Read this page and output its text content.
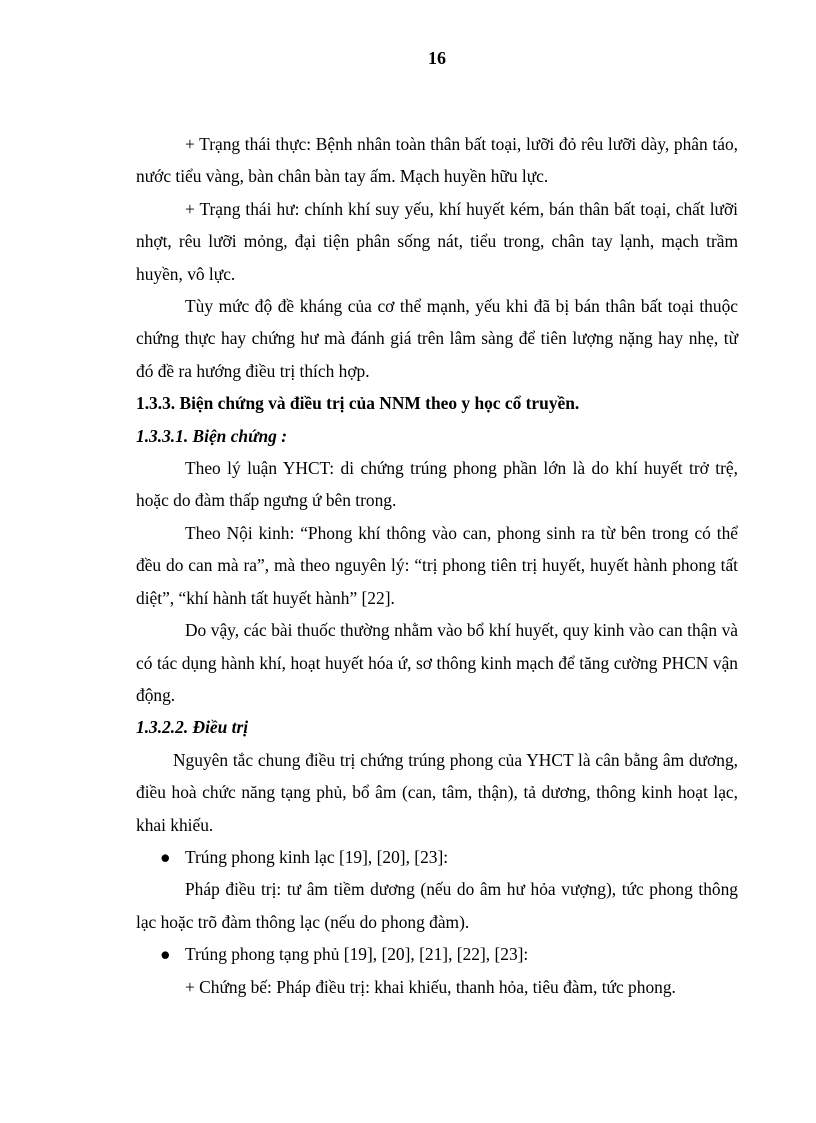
16

+ Trạng thái thực: Bệnh nhân toàn thân bất toại, lưỡi đỏ rêu lưỡi dày, phân táo, nước tiểu vàng, bàn chân bàn tay ấm. Mạch huyền hữu lực.

+ Trạng thái hư: chính khí suy yếu, khí huyết kém, bán thân bất toại, chất lưỡi nhợt, rêu lưỡi mỏng, đại tiện phân sống nát, tiểu trong, chân tay lạnh, mạch trầm huyền, vô lực.

Tùy mức độ đề kháng của cơ thể mạnh, yếu khi đã bị bán thân bất toại thuộc chứng thực hay chứng hư mà đánh giá trên lâm sàng để tiên lượng nặng hay nhẹ, từ đó đề ra hướng điều trị thích hợp.

1.3.3. Biện chứng và điều trị của NNM theo y học cổ truyền.

1.3.3.1. Biện chứng :

Theo lý luận YHCT: di chứng trúng phong phần lớn là do khí huyết trở trệ, hoặc do đàm thấp ngưng ứ bên trong.

Theo Nội kinh: “Phong khí thông vào can, phong sinh ra từ bên trong có thể đều do can mà ra”, mà theo nguyên lý: “trị phong tiên trị huyết, huyết hành phong tất diệt”, “khí hành tất huyết hành” [22].

Do vậy, các bài thuốc thường nhằm vào bổ khí huyết, quy kinh vào can thận và có tác dụng hành khí, hoạt huyết hóa ứ, sơ thông kinh mạch để tăng cường PHCN vận động.

1.3.2.2. Điều trị

Nguyên tắc chung điều trị chứng trúng phong của YHCT là cân bằng âm dương, điều hoà chức năng tạng phủ, bổ âm (can, tâm, thận), tả dương, thông kinh hoạt lạc, khai khiếu.

● Trúng phong kinh lạc [19], [20], [23]:

Pháp điều trị: tư âm tiềm dương (nếu do âm hư hỏa vượng), tức phong thông lạc hoặc trõ đàm thông lạc (nếu do phong đàm).

● Trúng phong tạng phủ [19], [20], [21], [22], [23]:

+ Chứng bế: Pháp điều trị: khai khiếu, thanh hỏa, tiêu đàm, tức phong.
